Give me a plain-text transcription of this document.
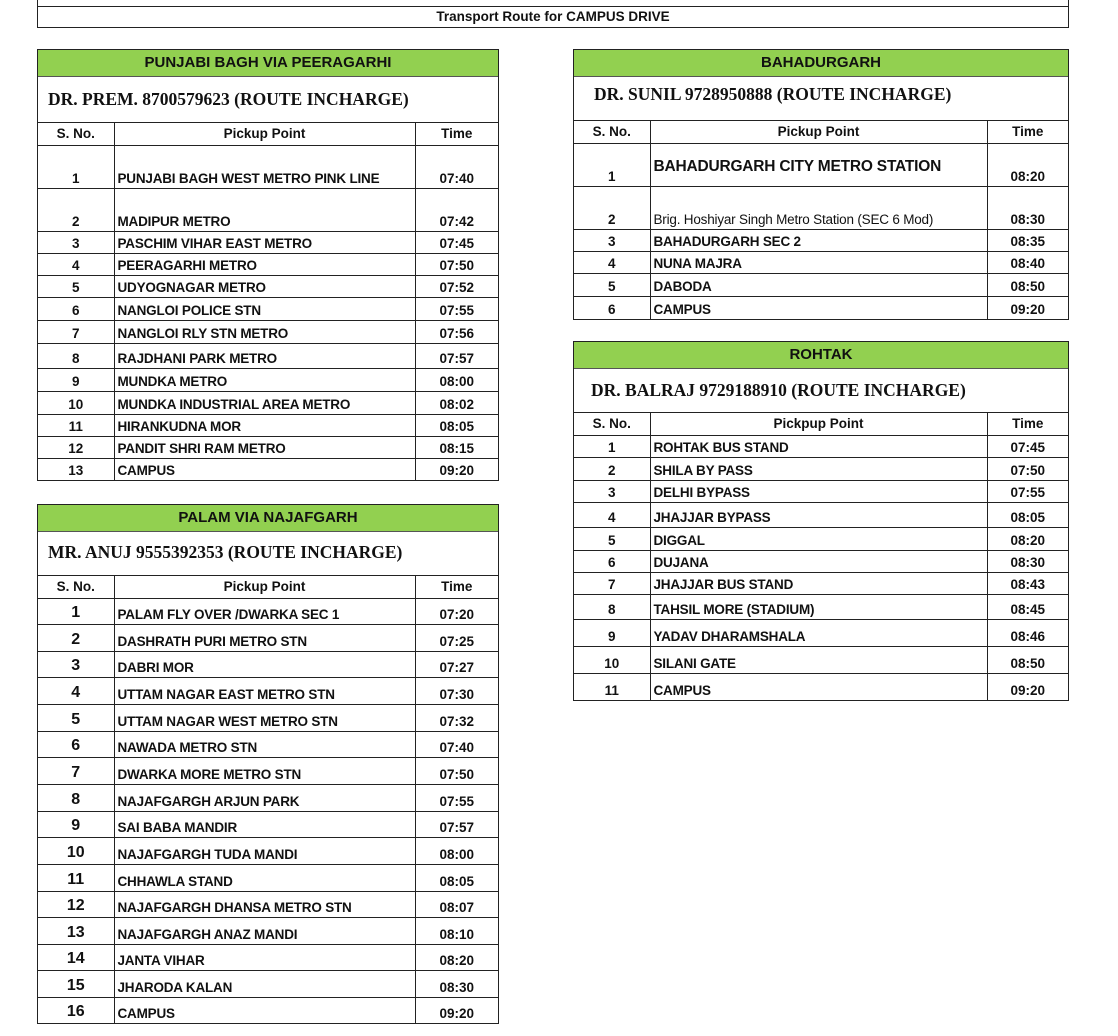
Transport Route for CAMPUS DRIVE
PUNJABI BAGH VIA PEERAGARHI
DR. PREM. 8700579623 (ROUTE INCHARGE)
S. No.	Pickup Point	Time
1	PUNJABI BAGH WEST METRO PINK LINE	07:40
2	MADIPUR METRO	07:42
3	PASCHIM VIHAR EAST METRO	07:45
4	PEERAGARHI METRO	07:50
5	UDYOGNAGAR METRO	07:52
6	NANGLOI POLICE STN	07:55
7	NANGLOI RLY STN METRO	07:56
8	RAJDHANI PARK METRO	07:57
9	MUNDKA METRO	08:00
10	MUNDKA INDUSTRIAL AREA METRO	08:02
11	HIRANKUDNA MOR	08:05
12	PANDIT SHRI RAM METRO	08:15
13	CAMPUS	09:20
PALAM VIA NAJAFGARH
MR. ANUJ 9555392353 (ROUTE INCHARGE)
S. No.	Pickup Point	Time
1	PALAM FLY OVER /DWARKA SEC 1	07:20
2	DASHRATH PURI METRO STN	07:25
3	DABRI MOR	07:27
4	UTTAM NAGAR EAST METRO STN	07:30
5	UTTAM NAGAR WEST METRO STN	07:32
6	NAWADA METRO STN	07:40
7	DWARKA MORE METRO STN	07:50
8	NAJAFGARGH ARJUN PARK	07:55
9	SAI BABA MANDIR	07:57
10	NAJAFGARGH TUDA MANDI	08:00
11	CHHAWLA STAND	08:05
12	NAJAFGARGH DHANSA METRO STN	08:07
13	NAJAFGARGH ANAZ MANDI	08:10
14	JANTA VIHAR	08:20
15	JHARODA KALAN	08:30
16	CAMPUS	09:20
BAHADURGARH
DR. SUNIL 9728950888 (ROUTE INCHARGE)
S. No.	Pickup Point	Time
1	BAHADURGARH CITY METRO STATION	08:20
2	Brig. Hoshiyar Singh Metro Station (SEC 6 Mod)	08:30
3	BAHADURGARH SEC 2	08:35
4	NUNA MAJRA	08:40
5	DABODA	08:50
6	CAMPUS	09:20
ROHTAK
DR. BALRAJ 9729188910 (ROUTE INCHARGE)
S. No.	Pickpup Point	Time
1	ROHTAK BUS STAND	07:45
2	SHILA BY PASS	07:50
3	DELHI BYPASS	07:55
4	JHAJJAR BYPASS	08:05
5	DIGGAL	08:20
6	DUJANA	08:30
7	JHAJJAR BUS STAND	08:43
8	TAHSIL MORE (STADIUM)	08:45
9	YADAV DHARAMSHALA	08:46
10	SILANI GATE	08:50
11	CAMPUS	09:20
